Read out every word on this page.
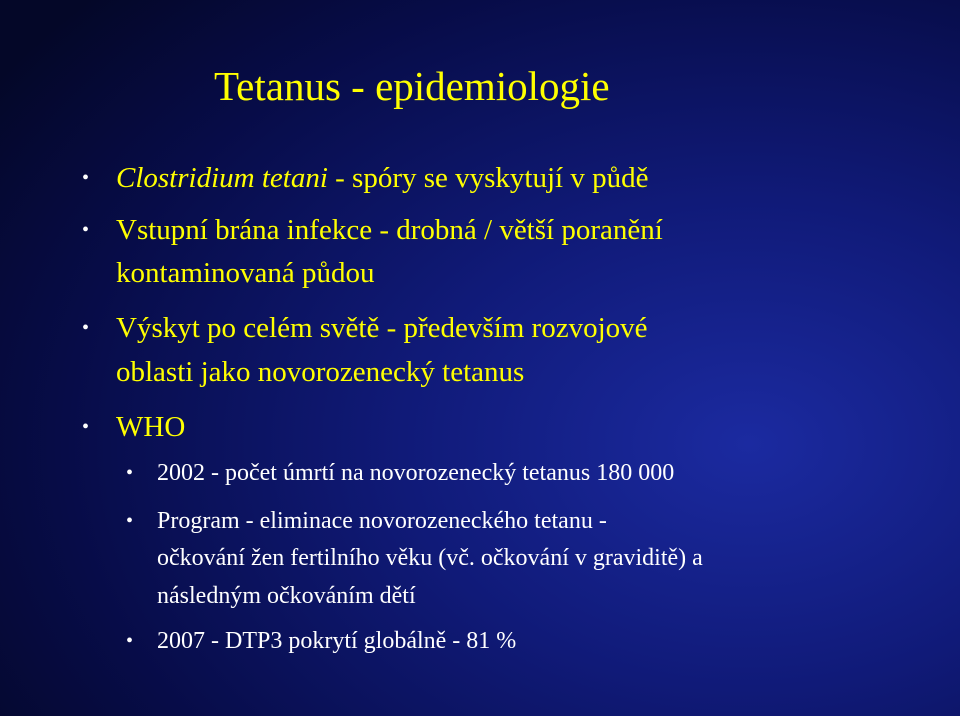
Tetanus - epidemiologie
• Clostridium tetani - spóry se vyskytují v půdě
• Vstupní brána infekce - drobná / větší poranění
kontaminovaná půdou
• Výskyt po celém světě - především rozvojové
oblasti jako novorozenecký tetanus
• WHO
• 2002 - počet úmrtí na novorozenecký tetanus 180 000
• Program - eliminace novorozeneckého tetanu -
očkování žen fertilního věku (vč. očkování v graviditě) a
následným očkováním dětí
• 2007 - DTP3 pokrytí globálně - 81 %
